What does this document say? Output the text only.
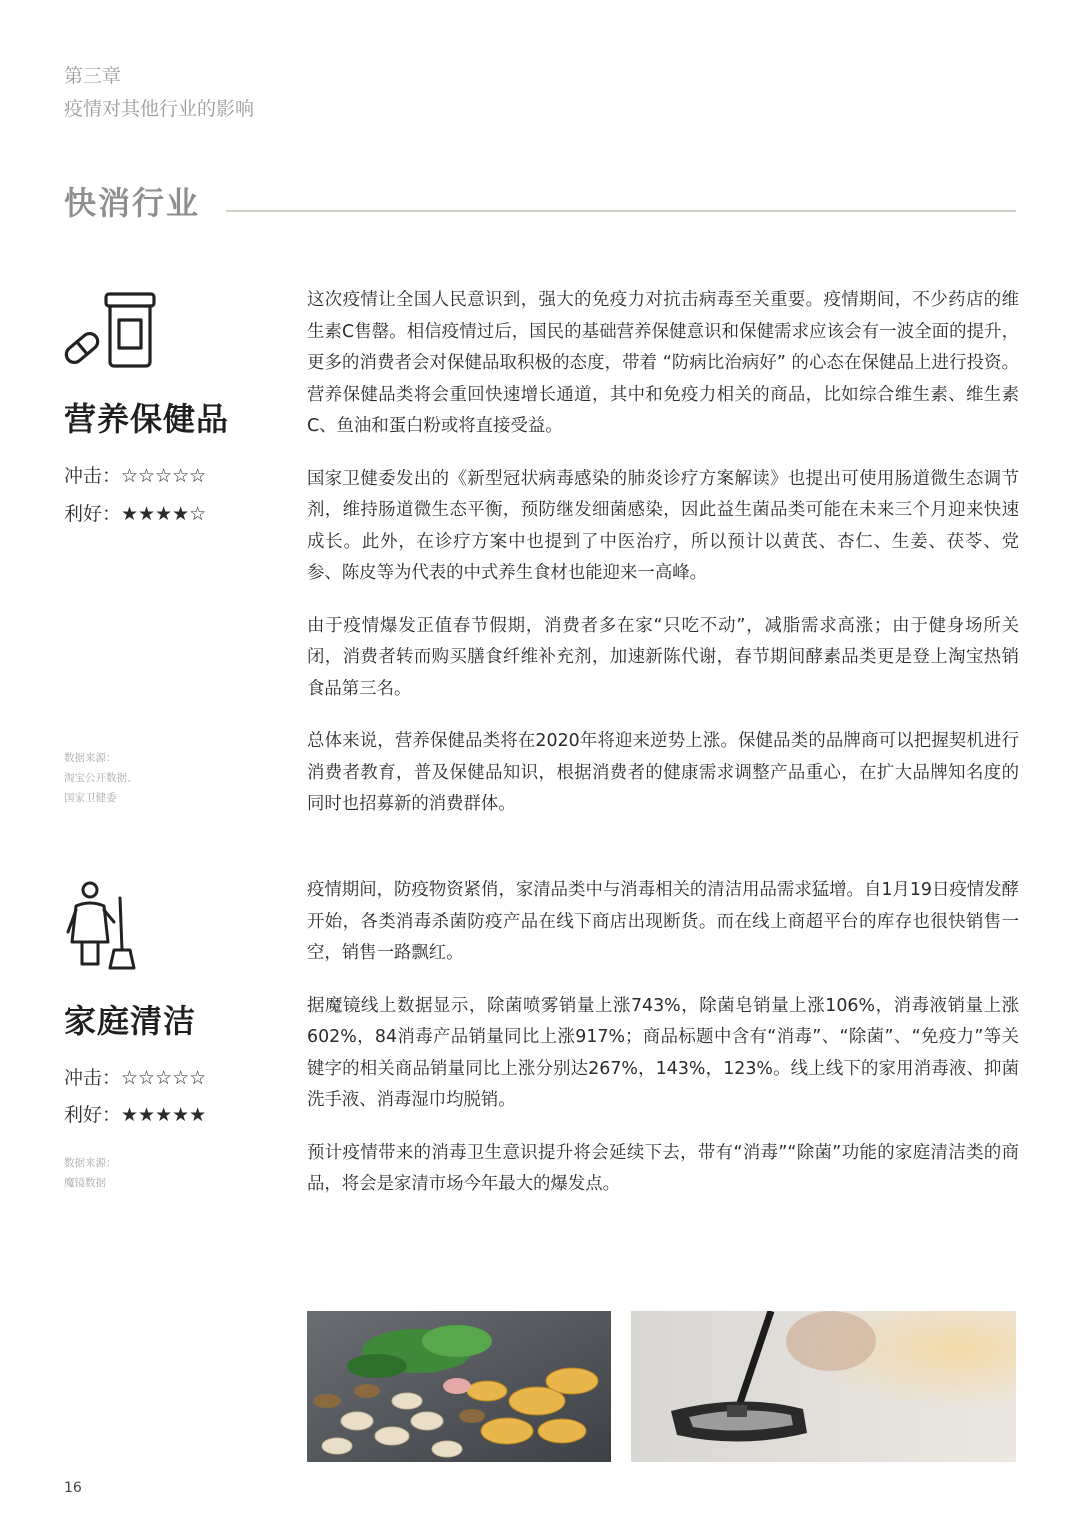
第三章
疫情对其他行业的影响
快消行业
营养保健品
冲击：☆☆☆☆☆
利好：★★★★☆
数据来源：
淘宝公开数据、
国家卫健委

这次疫情让全国人民意识到，强大的免疫力对抗击病毒至关重要。疫情期间，不少药店的维生素C售罄。相信疫情过后，国民的基础营养保健意识和保健需求应该会有一波全面的提升，更多的消费者会对保健品取积极的态度，带着 “防病比治病好” 的心态在保健品上进行投资。营养保健品类将会重回快速增长通道，其中和免疫力相关的商品，比如综合维生素、维生素C、鱼油和蛋白粉或将直接受益。

国家卫健委发出的《新型冠状病毒感染的肺炎诊疗方案解读》也提出可使用肠道微生态调节剂，维持肠道微生态平衡，预防继发细菌感染，因此益生菌品类可能在未来三个月迎来快速成长。此外，在诊疗方案中也提到了中医治疗，所以预计以黄芪、杏仁、生姜、茯苓、党参、陈皮等为代表的中式养生食材也能迎来一高峰。

由于疫情爆发正值春节假期，消费者多在家“只吃不动”，减脂需求高涨；由于健身场所关闭，消费者转而购买膳食纤维补充剂，加速新陈代谢，春节期间酵素品类更是登上淘宝热销食品第三名。

总体来说，营养保健品类将在2020年将迎来逆势上涨。保健品类的品牌商可以把握契机进行消费者教育，普及保健品知识，根据消费者的健康需求调整产品重心，在扩大品牌知名度的同时也招募新的消费群体。

家庭清洁
冲击：☆☆☆☆☆
利好：★★★★★
数据来源：
魔镜数据

疫情期间，防疫物资紧俏，家清品类中与消毒相关的清洁用品需求猛增。自1月19日疫情发酵开始，各类消毒杀菌防疫产品在线下商店出现断货。而在线上商超平台的库存也很快销售一空，销售一路飘红。

据魔镜线上数据显示，除菌喷雾销量上涨743%，除菌皂销量上涨106%，消毒液销量上涨602%，84消毒产品销量同比上涨917%；商品标题中含有“消毒”、“除菌”、“免疫力”等关键字的相关商品销量同比上涨分别达267%，143%，123%。线上线下的家用消毒液、抑菌洗手液、消毒湿巾均脱销。

预计疫情带来的消毒卫生意识提升将会延续下去，带有“消毒”“除菌”功能的家庭清洁类的商品，将会是家清市场今年最大的爆发点。

16
